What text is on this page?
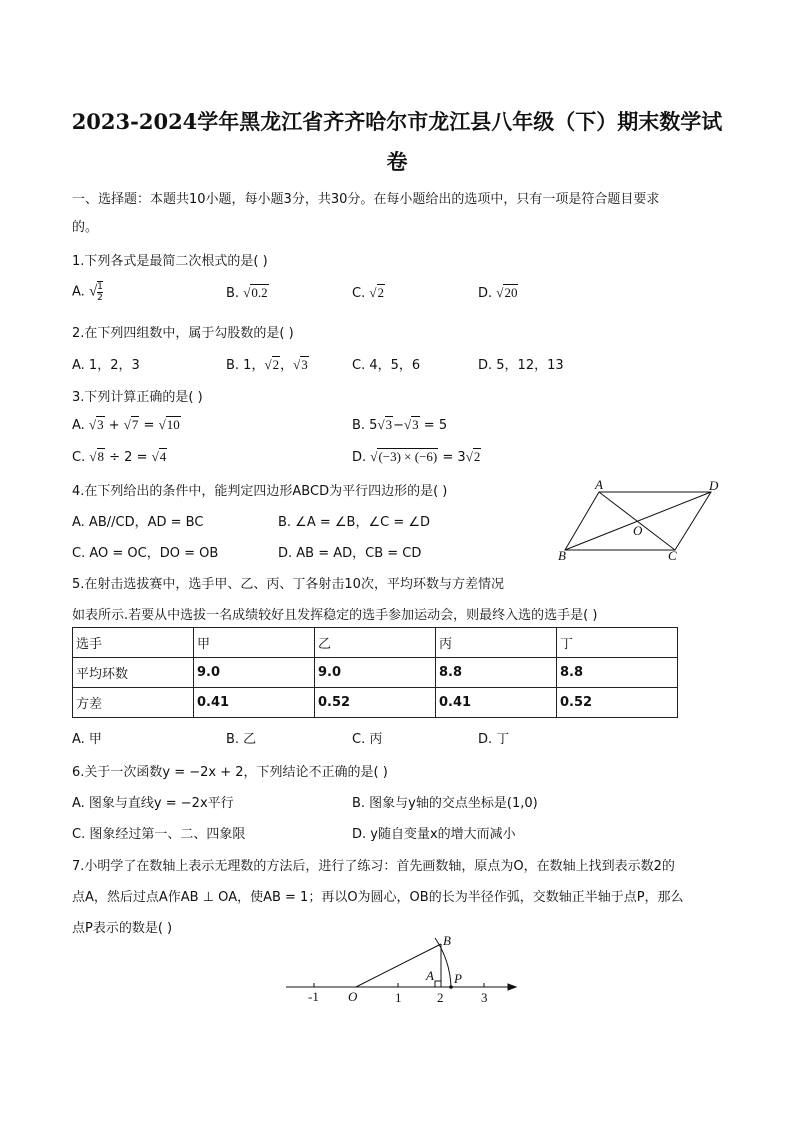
2023-2024学年黑龙江省齐齐哈尔市龙江县八年级（下）期末数学试
卷
一、选择题：本题共10小题，每小题3分，共30分。在每小题给出的选项中，只有一项是符合题目要求
的。
1.下列各式是最简二次根式的是( )
A. √ $\frac{1}{2}$	B. √0.2	C. √2	D. √20
2.在下列四组数中，属于勾股数的是( )
A. 1，2，3	B. 1，√2，√3	C. 4，5，6	D. 5，12，13
3.下列计算正确的是( )
A. √3 + √7 = √10	B. 5√3−√3 = 5
C. √8 ÷ 2 = √4	D. √(−3) × (−6) = 3√2
4.在下列给出的条件中，能判定四边形ABCD为平行四边形的是( )
A. AB//CD，AD = BC	B. ∠A = ∠B，∠C = ∠D
C. AO = OC，DO = OB	D. AB = AD，CB = CD
A	D
B	C
O
5.在射击选拔赛中，选手甲、乙、丙、丁各射击10次，平均环数与方差情况
如表所示.若要从中选拔一名成绩较好且发挥稳定的选手参加运动会，则最终入选的选手是( )
选手	甲	乙	丙	丁
平均环数	9.0	9.0	8.8	8.8
方差	0.41	0.52	0.41	0.52
A. 甲	B. 乙	C. 丙	D. 丁
6.关于一次函数y = −2x + 2，下列结论不正确的是( )
A. 图象与直线y = −2x平行	B. 图象与y轴的交点坐标是(1,0)
C. 图象经过第一、二、四象限	D. y随自变量x的增大而减小
7.小明学了在数轴上表示无理数的方法后，进行了练习：首先画数轴，原点为O，在数轴上找到表示数2的
点A，然后过点A作AB ⊥ OA，使AB = 1；再以O为圆心，OB的长为半径作弧，交数轴正半轴于点P，那么
点P表示的数是( )
-1 O	1	2	3
A
B
P
